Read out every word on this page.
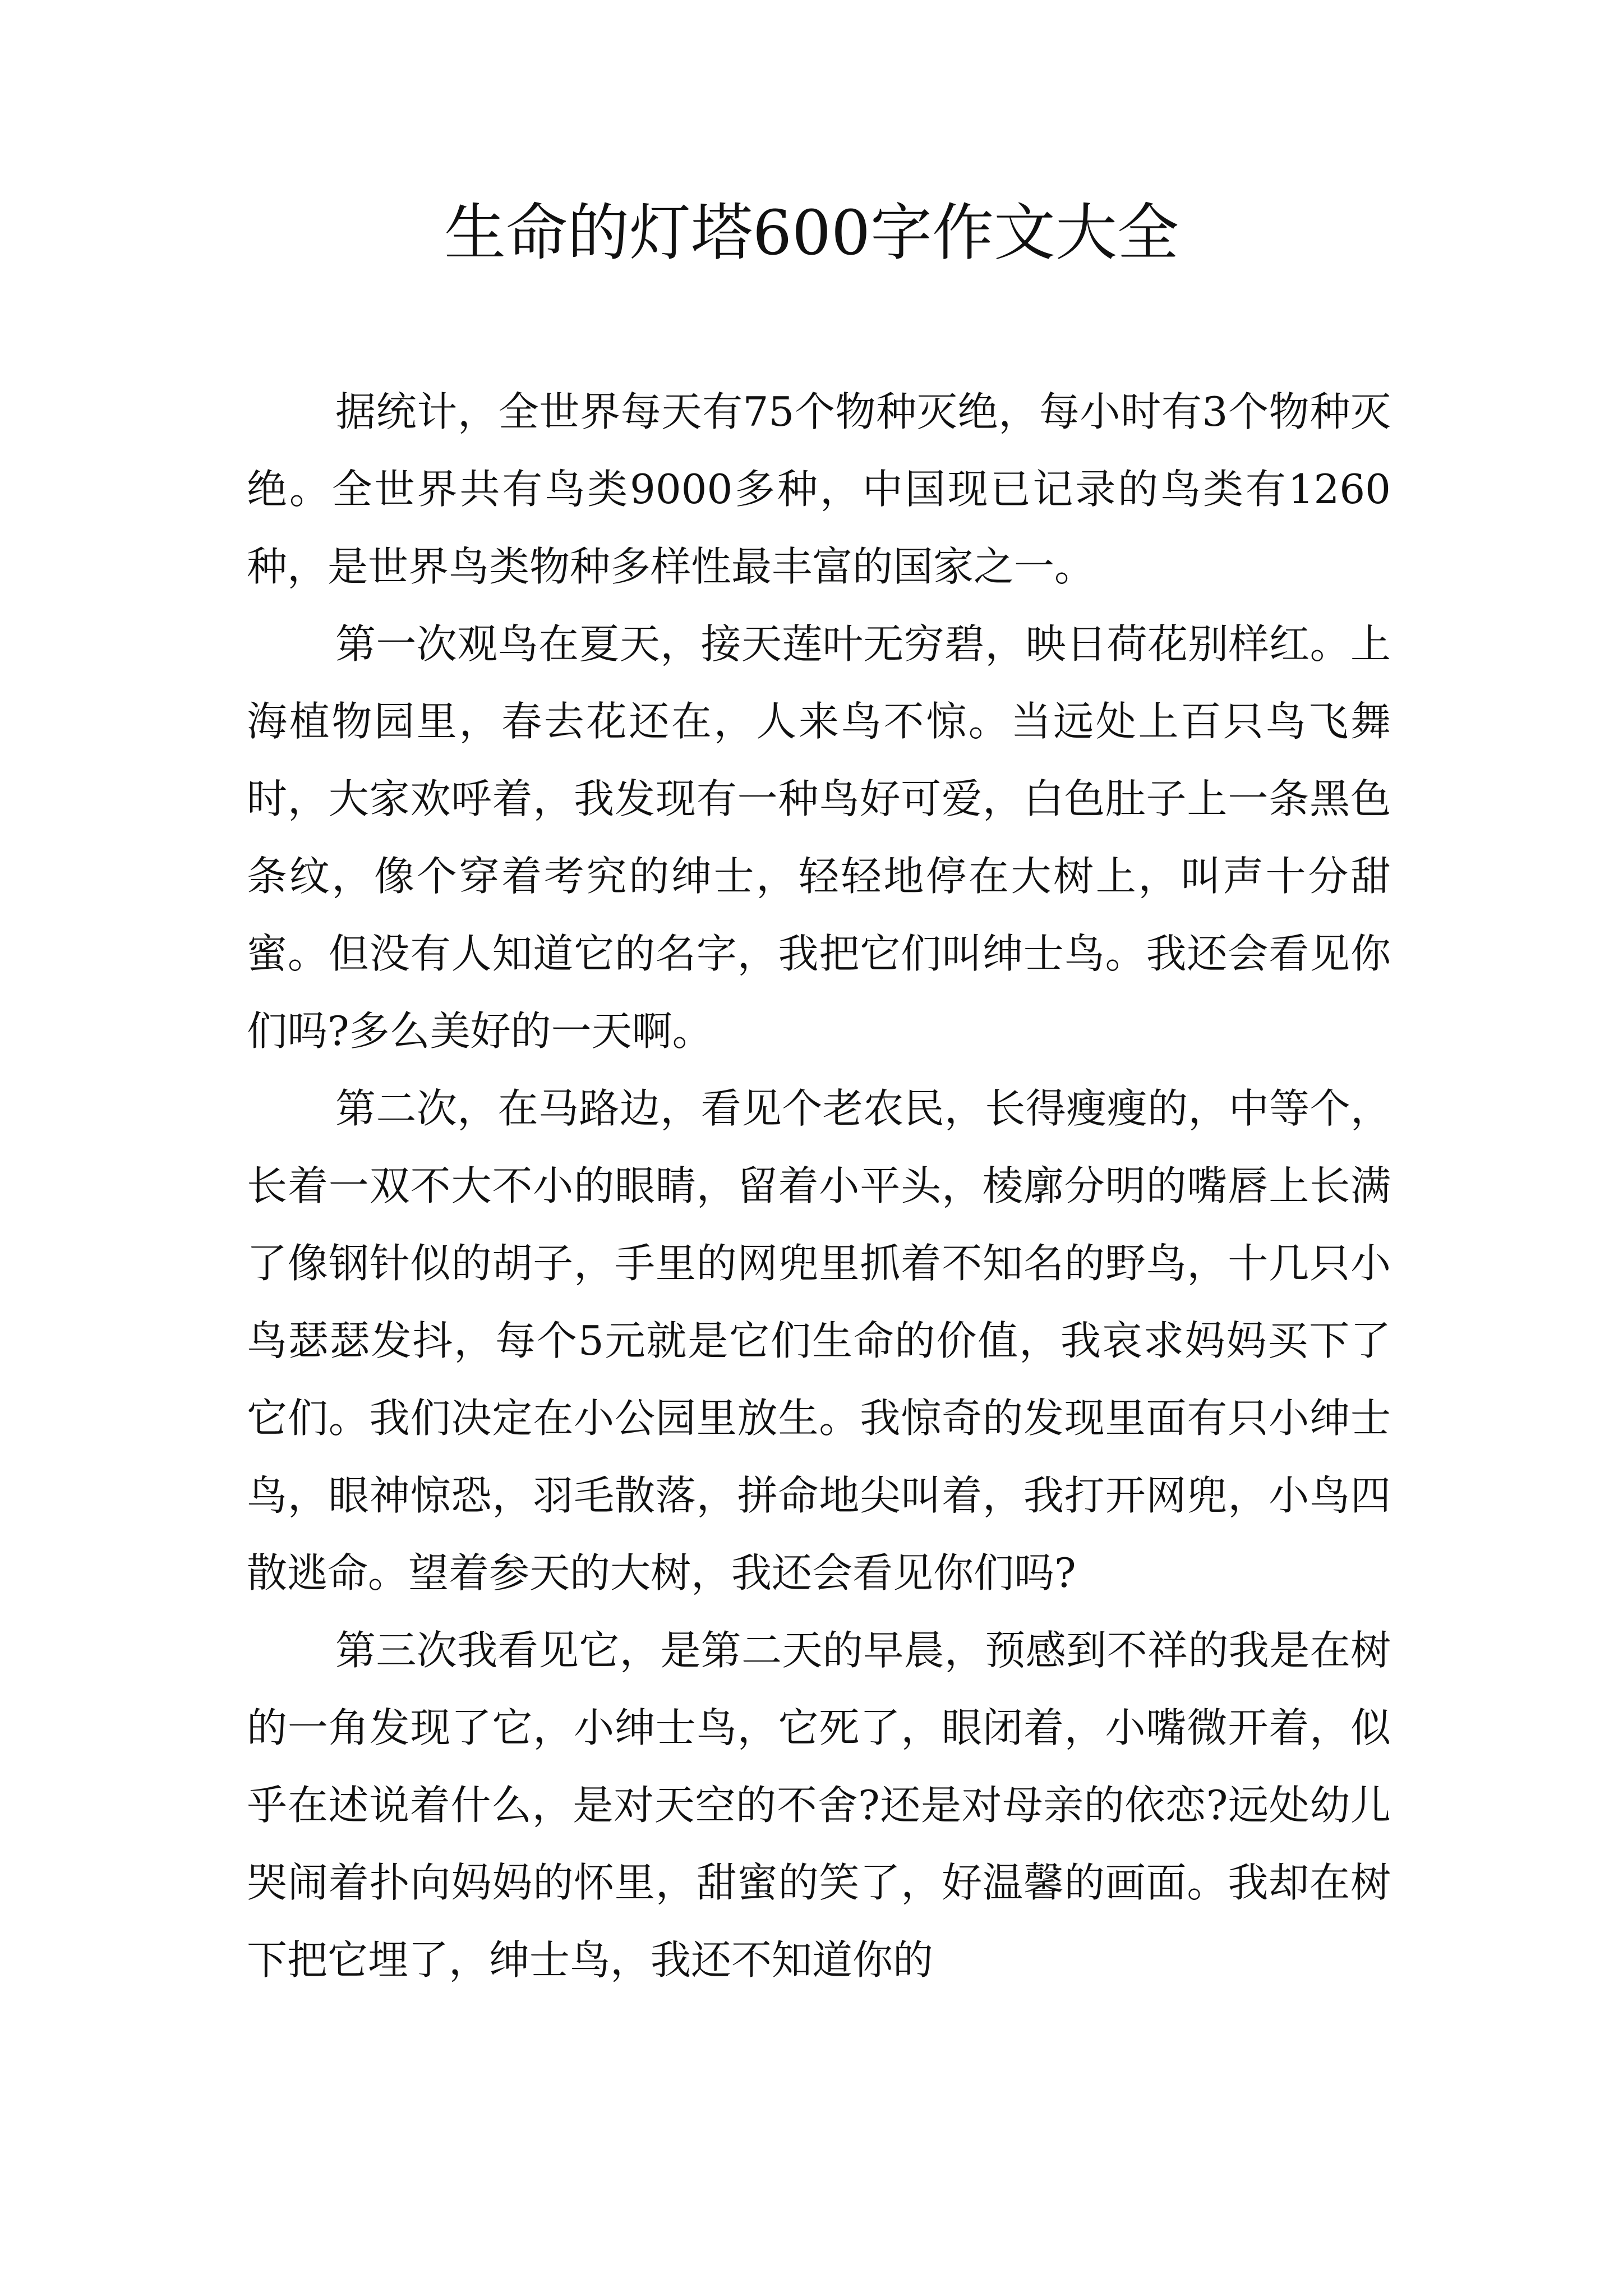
生命的灯塔600字作文大全

据统计，全世界每天有75个物种灭绝，每小时有3个物种灭绝。全世界共有鸟类9000多种，中国现已记录的鸟类有1260种，是世界鸟类物种多样性最丰富的国家之一。

第一次观鸟在夏天，接天莲叶无穷碧，映日荷花别样红。上海植物园里，春去花还在，人来鸟不惊。当远处上百只鸟飞舞时，大家欢呼着，我发现有一种鸟好可爱，白色肚子上一条黑色条纹，像个穿着考究的绅士，轻轻地停在大树上，叫声十分甜蜜。但没有人知道它的名字，我把它们叫绅士鸟。我还会看见你们吗?多么美好的一天啊。

第二次，在马路边，看见个老农民，长得瘦瘦的，中等个，长着一双不大不小的眼睛，留着小平头，棱廓分明的嘴唇上长满了像钢针似的胡子，手里的网兜里抓着不知名的野鸟，十几只小鸟瑟瑟发抖，每个5元就是它们生命的价值，我哀求妈妈买下了它们。我们决定在小公园里放生。我惊奇的发现里面有只小绅士鸟，眼神惊恐，羽毛散落，拼命地尖叫着，我打开网兜，小鸟四散逃命。望着参天的大树，我还会看见你们吗?

第三次我看见它，是第二天的早晨，预感到不祥的我是在树的一角发现了它，小绅士鸟，它死了，眼闭着，小嘴微开着，似乎在述说着什么，是对天空的不舍?还是对母亲的依恋?远处幼儿哭闹着扑向妈妈的怀里，甜蜜的笑了，好温馨的画面。我却在树下把它埋了，绅士鸟，我还不知道你的
